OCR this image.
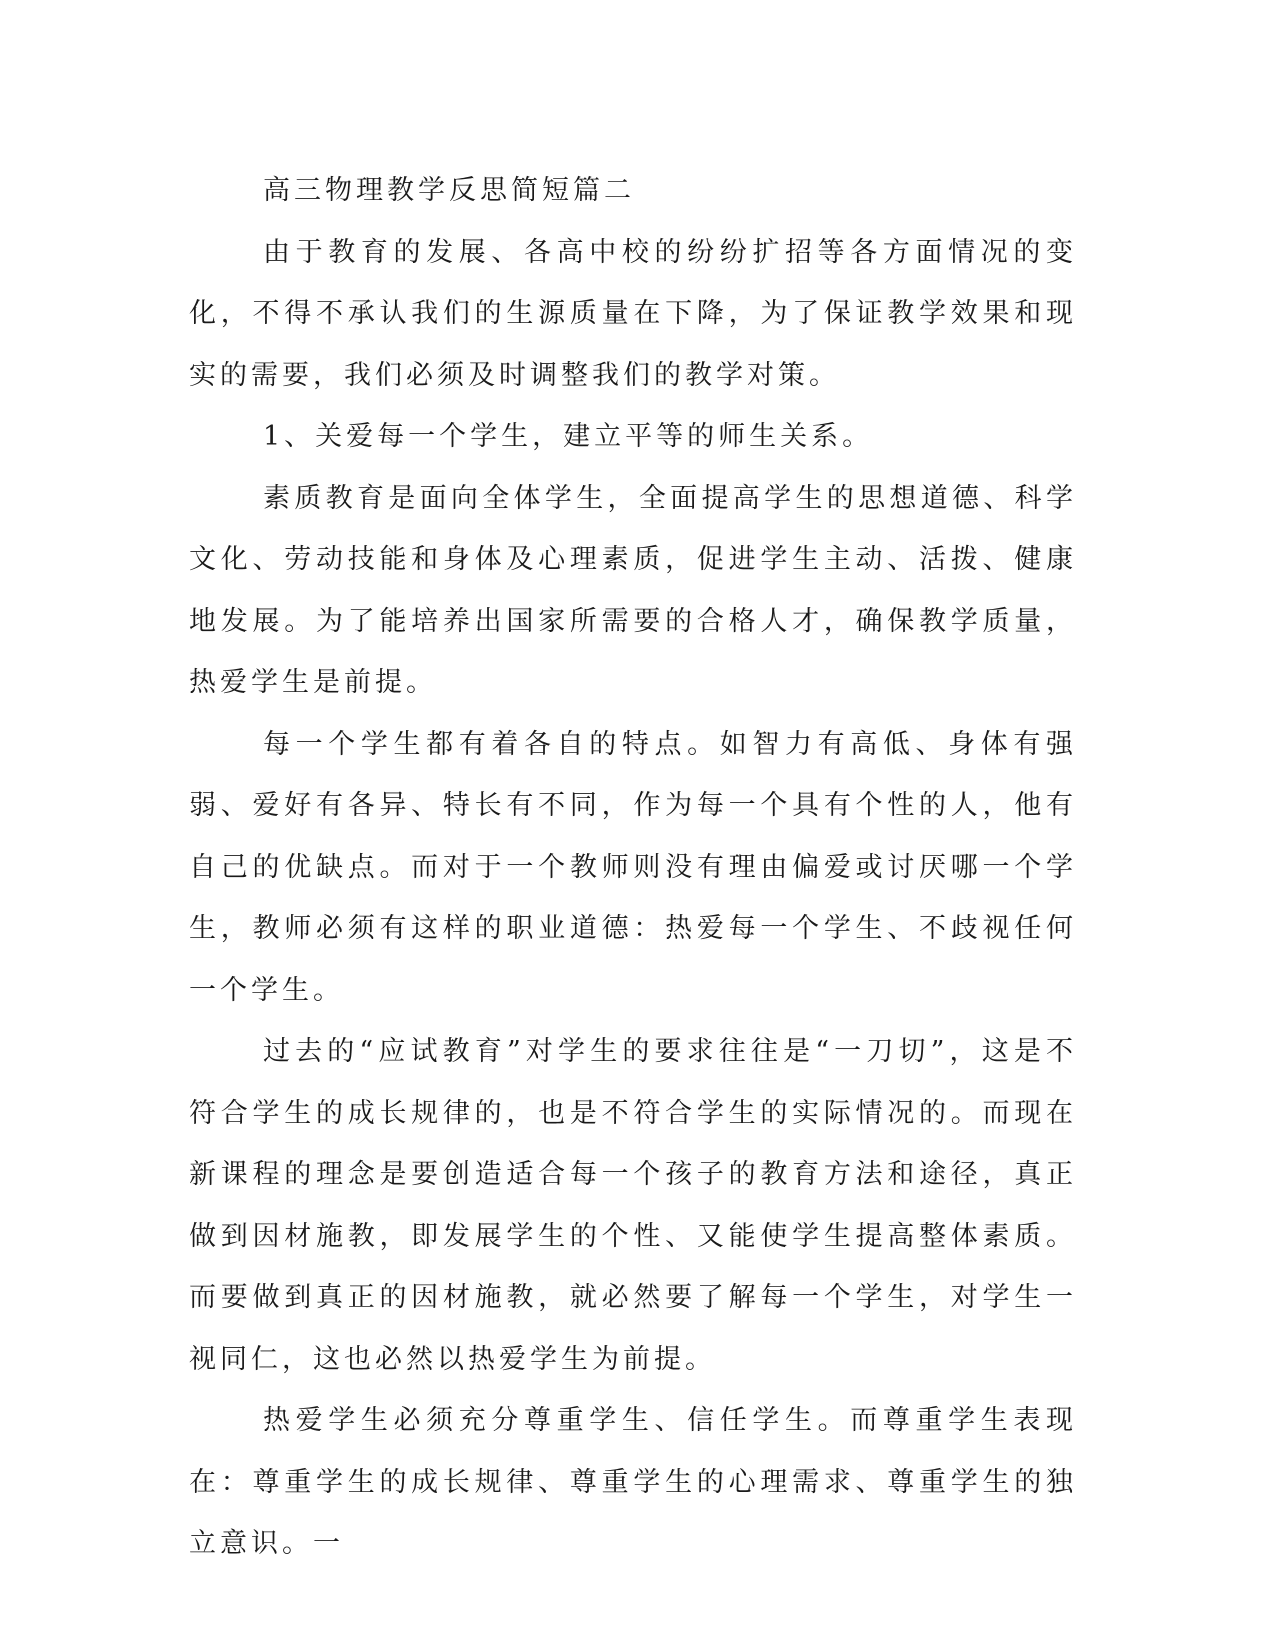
高三物理教学反思简短篇二

由于教育的发展、各高中校的纷纷扩招等各方面情况的变化，不得不承认我们的生源质量在下降，为了保证教学效果和现实的需要，我们必须及时调整我们的教学对策。

1、关爱每一个学生，建立平等的师生关系。

素质教育是面向全体学生，全面提高学生的思想道德、科学文化、劳动技能和身体及心理素质，促进学生主动、活拨、健康地发展。为了能培养出国家所需要的合格人才，确保教学质量，热爱学生是前提。

每一个学生都有着各自的特点。如智力有高低、身体有强弱、爱好有各异、特长有不同，作为每一个具有个性的人，他有自己的优缺点。而对于一个教师则没有理由偏爱或讨厌哪一个学生，教师必须有这样的职业道德：热爱每一个学生、不歧视任何一个学生。

过去的“应试教育”对学生的要求往往是“一刀切”，这是不符合学生的成长规律的，也是不符合学生的实际情况的。而现在新课程的理念是要创造适合每一个孩子的教育方法和途径，真正做到因材施教，即发展学生的个性、又能使学生提高整体素质。而要做到真正的因材施教，就必然要了解每一个学生，对学生一视同仁，这也必然以热爱学生为前提。

热爱学生必须充分尊重学生、信任学生。而尊重学生表现在：尊重学生的成长规律、尊重学生的心理需求、尊重学生的独立意识。一
